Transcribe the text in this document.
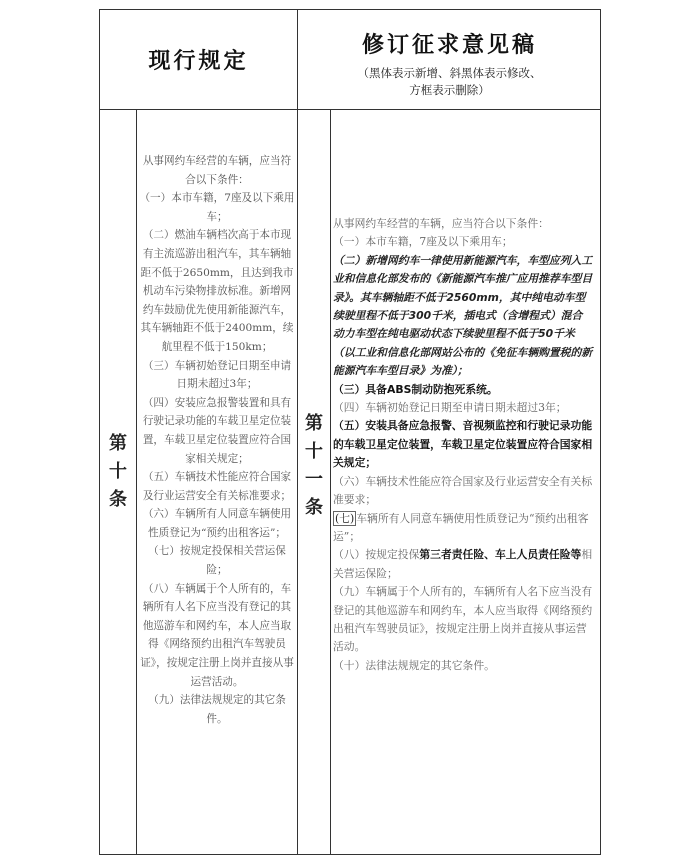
现行规定
修订征求意见稿
（黑体表示新增、斜黑体表示修改、
方框表示删除）
第
十
条
第
十
一
条

从事网约车经营的车辆，应当符合以下条件：

（一）本市车籍，7座及以下乘用车；

（二）燃油车辆档次高于本市现有主流巡游出租汽车，其车辆轴距不低于2650mm，且达到我市机动车污染物排放标准。新增网约车鼓励优先使用新能源汽车，其车辆轴距不低于2400mm，续航里程不低于150km；

（三）车辆初始登记日期至申请日期未超过3年；

（四）安装应急报警装置和具有行驶记录功能的车载卫星定位装置，车载卫星定位装置应符合国家相关规定；

（五）车辆技术性能应符合国家及行业运营安全有关标准要求；

（六）车辆所有人同意车辆使用性质登记为“预约出租客运”；

（七）按规定投保相关营运保险；

（八）车辆属于个人所有的，车辆所有人名下应当没有登记的其他巡游车和网约车，本人应当取得《网络预约出租汽车驾驶员证》，按规定注册上岗并直接从事运营活动。

（九）法律法规规定的其它条件。

从事网约车经营的车辆，应当符合以下条件：

（一）本市车籍，7座及以下乘用车；

（二）新增网约车一律使用新能源汽车，车型应列入工业和信息化部发布的《新能源汽车推广应用推荐车型目录》。其车辆轴距不低于2560mm，其中纯电动车型续驶里程不低于300千米，插电式（含增程式）混合动力车型在纯电驱动状态下续驶里程不低于50千米（以工业和信息化部网站公布的《免征车辆购置税的新能源汽车车型目录》为准）；

（三）具备ABS制动防抱死系统。

（四）车辆初始登记日期至申请日期未超过3年；

（五）安装具备应急报警、音视频监控和行驶记录功能的车载卫星定位装置，车载卫星定位装置应符合国家相关规定；

（六）车辆技术性能应符合国家及行业运营安全有关标准要求；

(七) 车辆所有人同意车辆使用性质登记为“预约出租客运”；

（八）按规定投保第三者责任险、车上人员责任险等相关营运保险；

（九）车辆属于个人所有的，车辆所有人名下应当没有登记的其他巡游车和网约车，本人应当取得《网络预约出租汽车驾驶员证》，按规定注册上岗并直接从事运营活动。

（十）法律法规规定的其它条件。
